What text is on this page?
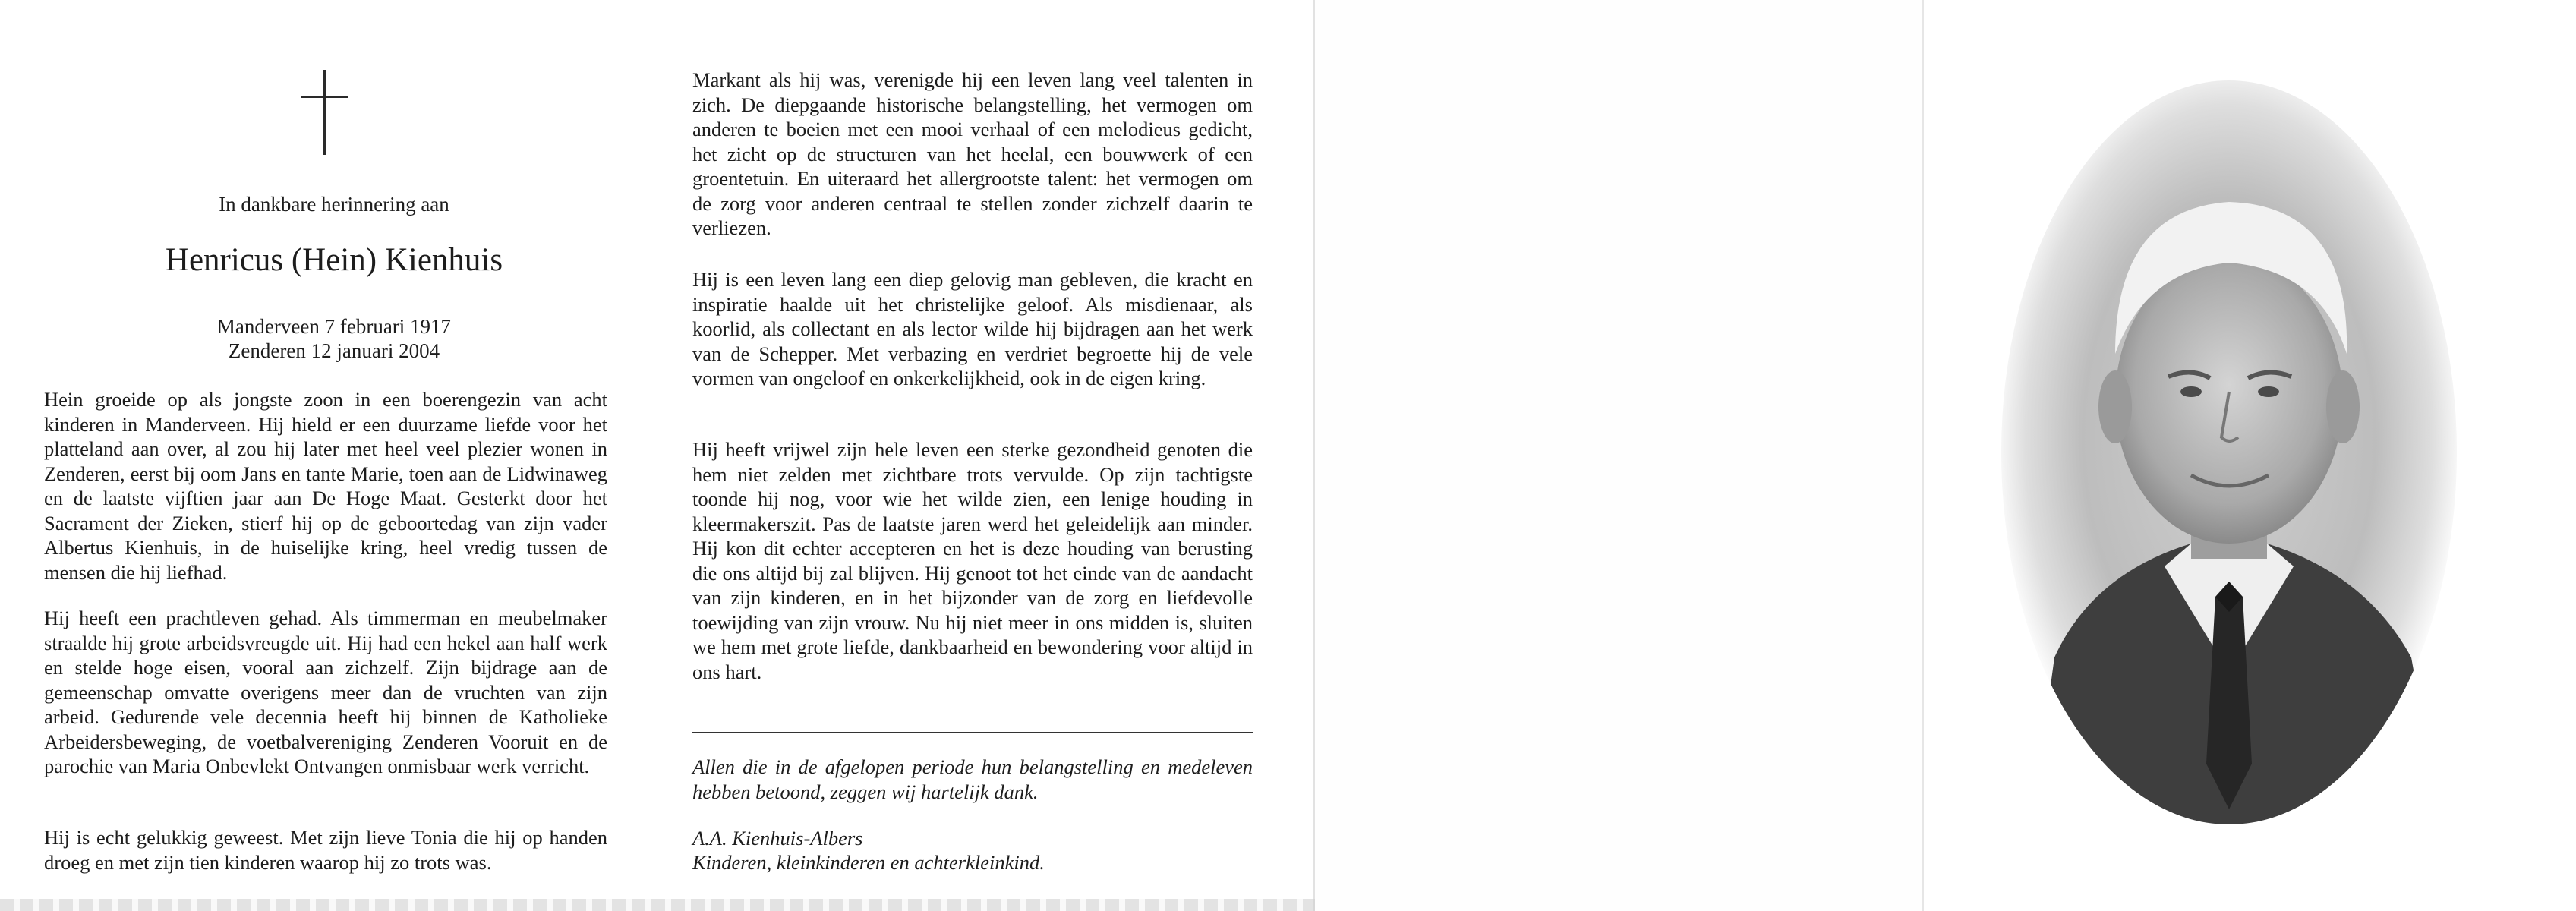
In dankbare herinnering aan

Henricus (Hein) Kienhuis

Manderveen 7 februari 1917

Zenderen 12 januari 2004

Hein groeide op als jongste zoon in een boerengezin van acht kinderen in Manderveen. Hij hield er een duurzame liefde voor het platteland aan over, al zou hij later met heel veel plezier wonen in Zenderen, eerst bij oom Jans en tante Marie, toen aan de Lidwinaweg en de laatste vijftien jaar aan De Hoge Maat. Gesterkt door het Sacrament der Zieken, stierf hij op de geboortedag van zijn vader Albertus Kienhuis, in de huiselijke kring, heel vredig tussen de mensen die hij liefhad.

Hij heeft een prachtleven gehad. Als timmerman en meubelmaker straalde hij grote arbeidsvreugde uit. Hij had een hekel aan half werk en stelde hoge eisen, vooral aan zichzelf. Zijn bijdrage aan de gemeenschap omvatte overigens meer dan de vruchten van zijn arbeid. Gedurende vele decennia heeft hij binnen de Katholieke Arbeidersbeweging, de voetbalvereniging Zenderen Vooruit en de parochie van Maria Onbevlekt Ontvangen onmisbaar werk verricht.

Hij is echt gelukkig geweest. Met zijn lieve Tonia die hij op handen droeg en met zijn tien kinderen waarop hij zo trots was.

Markant als hij was, verenigde hij een leven lang veel talenten in zich. De diepgaande historische belangstelling, het vermogen om anderen te boeien met een mooi verhaal of een melodieus gedicht, het zicht op de structuren van het heelal, een bouwwerk of een groentetuin. En uiteraard het allergrootste talent: het vermogen om de zorg voor anderen centraal te stellen zonder zichzelf daarin te verliezen.

Hij is een leven lang een diep gelovig man gebleven, die kracht en inspiratie haalde uit het christelijke geloof. Als misdienaar, als koorlid, als collectant en als lector wilde hij bijdragen aan het werk van de Schepper. Met verbazing en verdriet begroette hij de vele vormen van ongeloof en onkerkelijkheid, ook in de eigen kring.

Hij heeft vrijwel zijn hele leven een sterke gezondheid genoten die hem niet zelden met zichtbare trots vervulde. Op zijn tachtigste toonde hij nog, voor wie het wilde zien, een lenige houding in kleermakerszit. Pas de laatste jaren werd het geleidelijk aan minder. Hij kon dit echter accepteren en het is deze houding van berusting die ons altijd bij zal blijven. Hij genoot tot het einde van de aandacht van zijn kinderen, en in het bijzonder van de zorg en liefdevolle toewijding van zijn vrouw. Nu hij niet meer in ons midden is, sluiten we hem met grote liefde, dankbaarheid en bewondering voor altijd in ons hart.

Allen die in de afgelopen periode hun belangstelling en medeleven hebben betoond, zeggen wij hartelijk dank.

A.A. Kienhuis-Albers

Kinderen, kleinkinderen en achterkleinkind.
